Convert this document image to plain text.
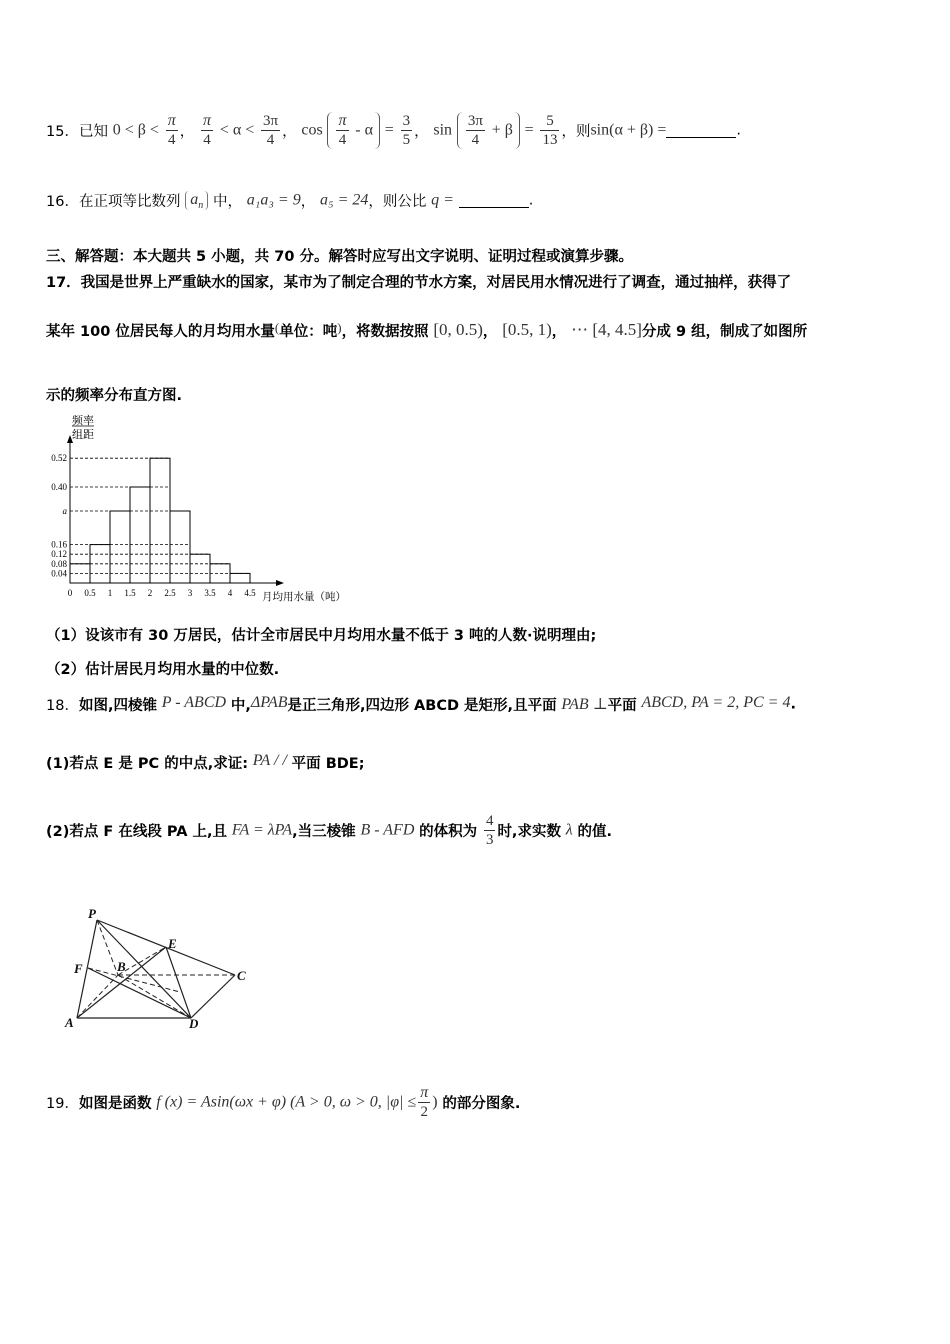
15．已知 $0 < \beta < \frac{\pi}{4}$ ， $\frac{\pi}{4} < \alpha < \frac{3\pi}{4}$ ， $\cos \frac{\pi}{4} - \alpha = \frac{3}{5}$ ， $\sin \frac{3\pi}{4} + \beta = \frac{5}{13}$ ，则sin(α + β) =	.
16．在正项等比数列 $a_n$ 中， a₁a₃ = 9， a₅ = 24，则公比 q =	.
三、解答题：本大题共 5 小题，共 70 分。解答时应写出文字说明、证明过程或演算步骤。
17．我国是世界上严重缺水的国家，某市为了制定合理的节水方案，对居民用水情况进行了调查，通过抽样，获得了
某年 100 位居民每人的月均用水量(单位：吨)，将数据按照 [0, 0.5)， [0.5, 1)， ⋯ [4, 4.5]分成 9 组，制成了如图所
示的频率分布直方图.
频率
组距
0.52
0.40
a
0.16
0.12
0.08
0.04
0 0.5 1 1.5 2 2.5 3 3.5 4 4.5 月均用水量（吨）
（1）设该市有 30 万居民，估计全市居民中月均用水量不低于 3 吨的人数·说明理由;
（2）估计居民月均用水量的中位数.
18．如图,四棱锥 P - ABCD 中,ΔPAB是正三角形,四边形 ABCD 是矩形,且平面 PAB ⊥平面 ABCD, PA = 2, PC = 4.
(1)若点 E 是 PC 的中点,求证: PA / / 平面 BDE;
(2)若点 F 在线段 PA 上,且 FA = λPA,当三棱锥 B - AFD 的体积为 $\frac{4}{3}$ 时,求实数 λ 的值.
P
E
F	B
C
A	D
19．如图是函数 f (x) = Asin(ωx + φ) (A > 0, ω > 0, $|\varphi| \le \frac{\pi}{2}$ ) 的部分图象.
